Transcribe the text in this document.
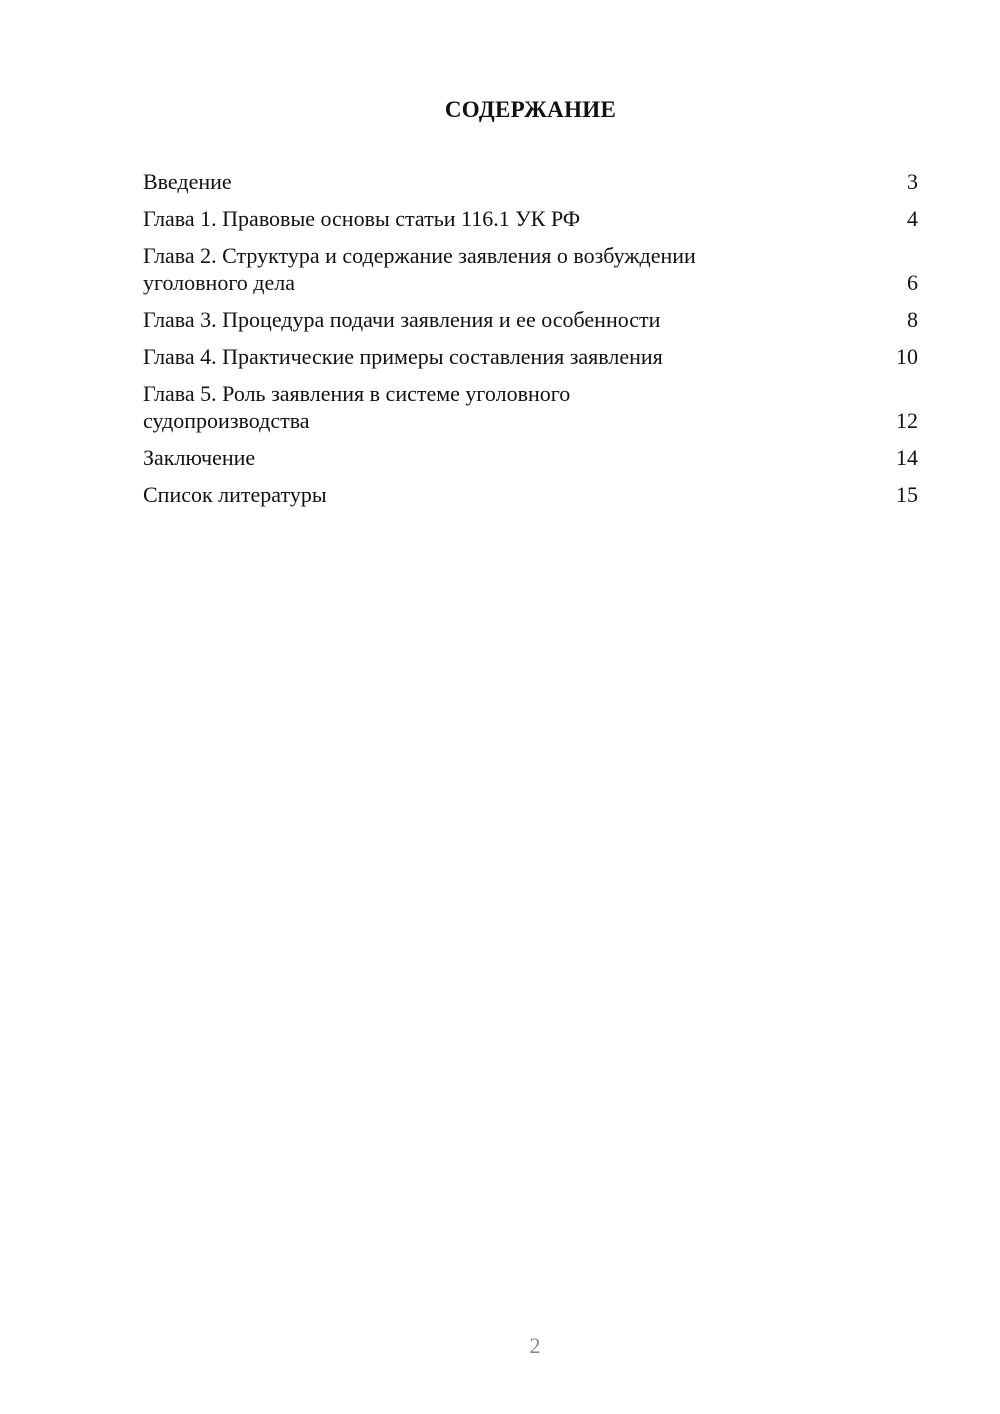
СОДЕРЖАНИЕ
Введение	3
Глава 1. Правовые основы статьи 116.1 УК РФ	4
Глава 2. Структура и содержание заявления о возбуждении
уголовного дела	6
Глава 3. Процедура подачи заявления и ее особенности	8
Глава 4. Практические примеры составления заявления	10
Глава 5. Роль заявления в системе уголовного
судопроизводства	12
Заключение	14
Список литературы	15
2
